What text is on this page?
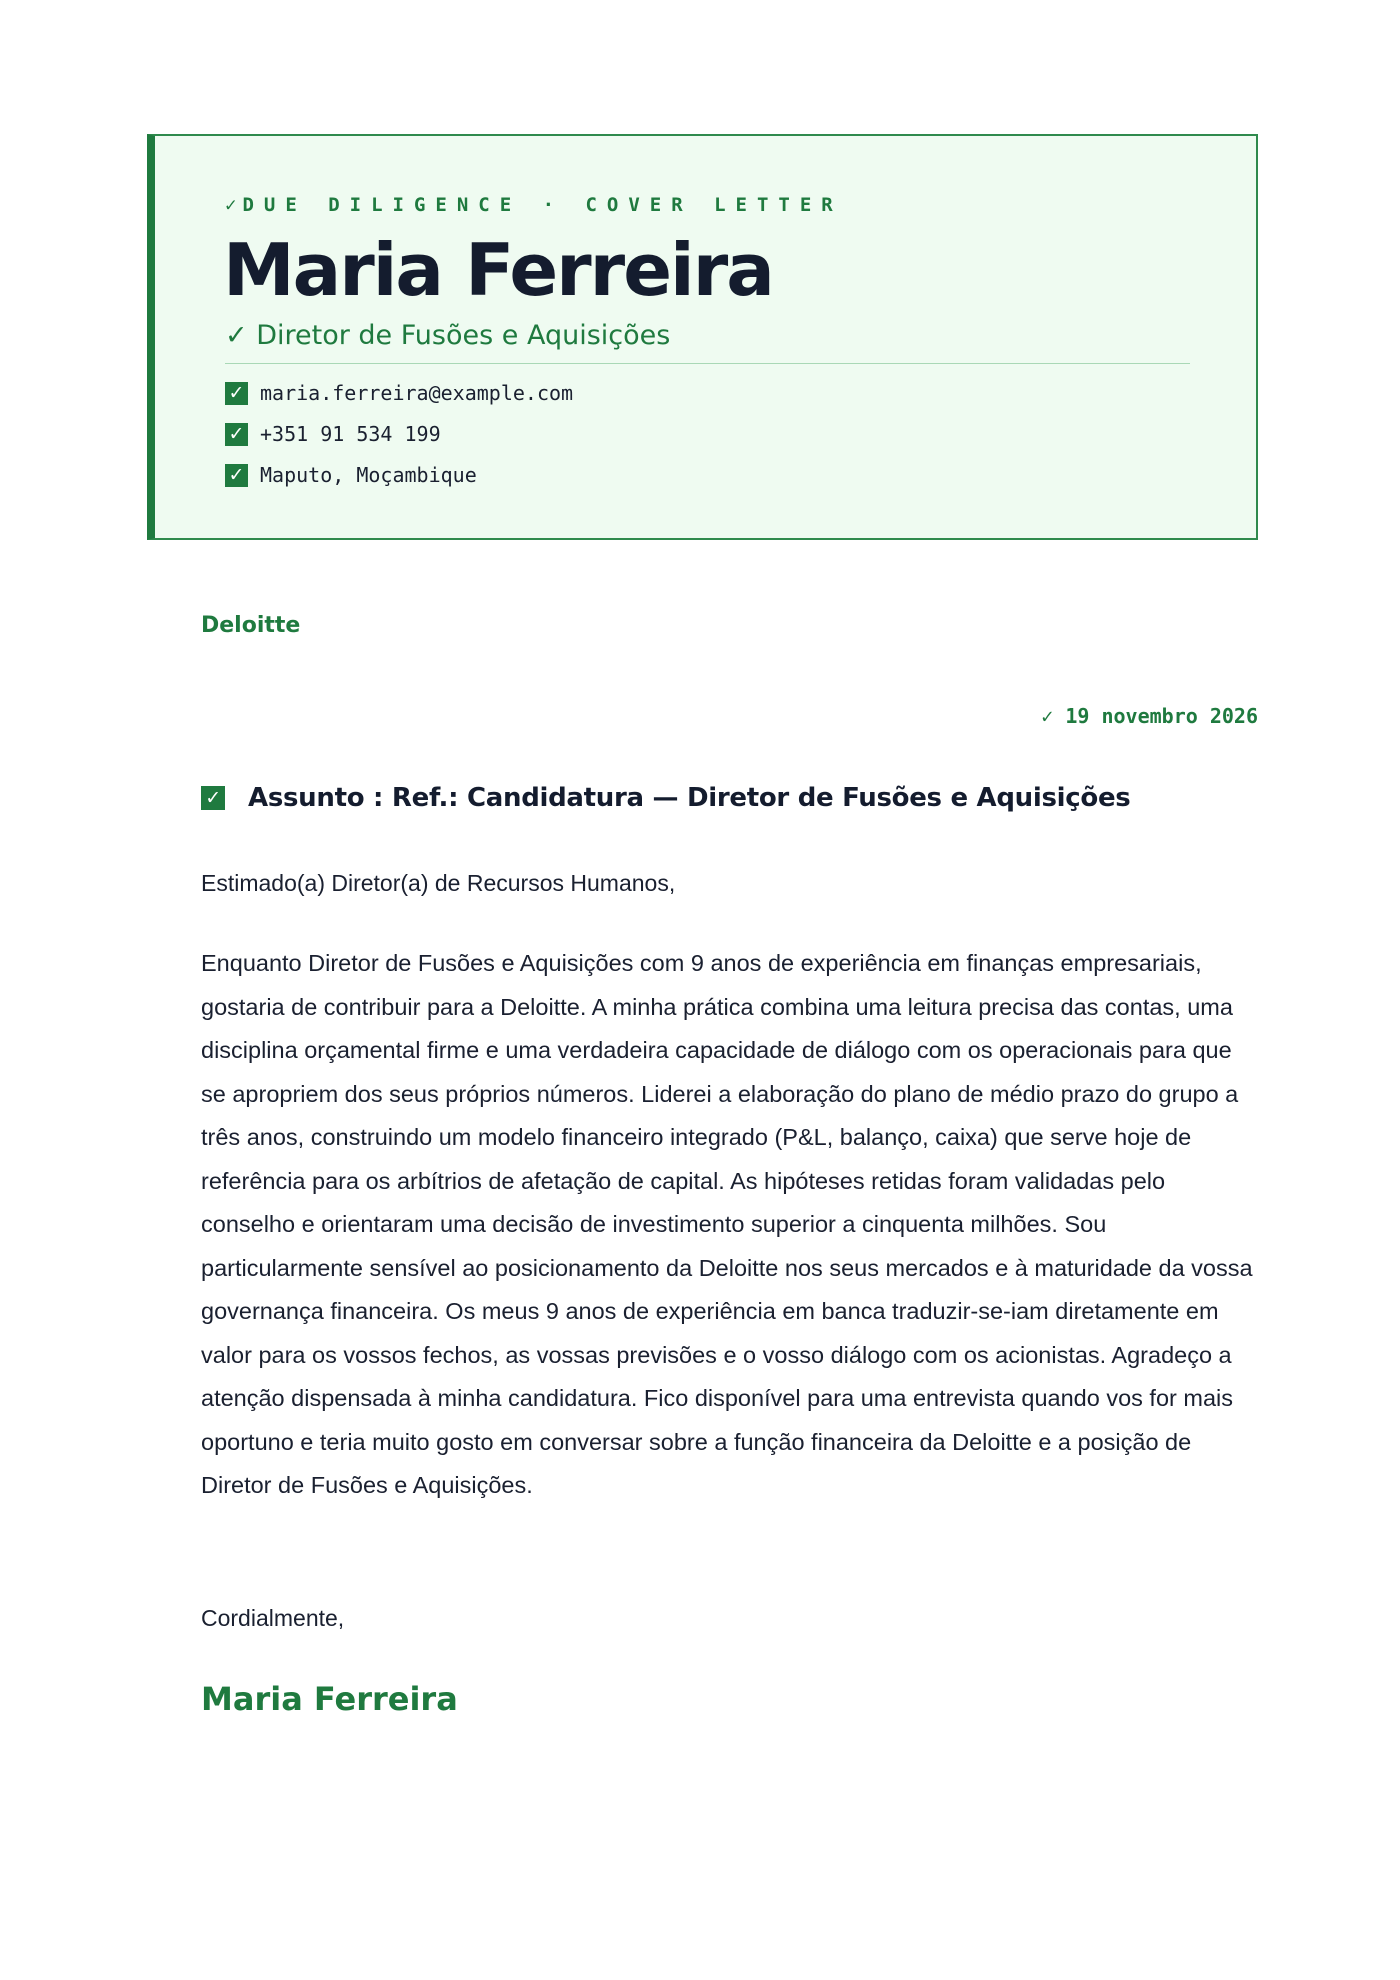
✓ DUE DILIGENCE · COVER LETTER
Maria Ferreira
✓ Diretor de Fusões e Aquisições
✓ maria.ferreira@example.com
✓ +351 91 534 199
✓ Maputo, Moçambique
Deloitte
✓ 19 novembro 2026
✓ Assunto : Ref.: Candidatura — Diretor de Fusões e Aquisições
Estimado(a) Diretor(a) de Recursos Humanos,
Enquanto Diretor de Fusões e Aquisições com 9 anos de experiência em finanças empresariais, gostaria de contribuir para a Deloitte. A minha prática combina uma leitura precisa das contas, uma disciplina orçamental firme e uma verdadeira capacidade de diálogo com os operacionais para que se apropriem dos seus próprios números. Liderei a elaboração do plano de médio prazo do grupo a três anos, construindo um modelo financeiro integrado (P&L, balanço, caixa) que serve hoje de referência para os arbítrios de afetação de capital. As hipóteses retidas foram validadas pelo conselho e orientaram uma decisão de investimento superior a cinquenta milhões. Sou particularmente sensível ao posicionamento da Deloitte nos seus mercados e à maturidade da vossa governança financeira. Os meus 9 anos de experiência em banca traduzir-se-iam diretamente em valor para os vossos fechos, as vossas previsões e o vosso diálogo com os acionistas. Agradeço a atenção dispensada à minha candidatura. Fico disponível para uma entrevista quando vos for mais oportuno e teria muito gosto em conversar sobre a função financeira da Deloitte e a posição de Diretor de Fusões e Aquisições.
Cordialmente,
Maria Ferreira
